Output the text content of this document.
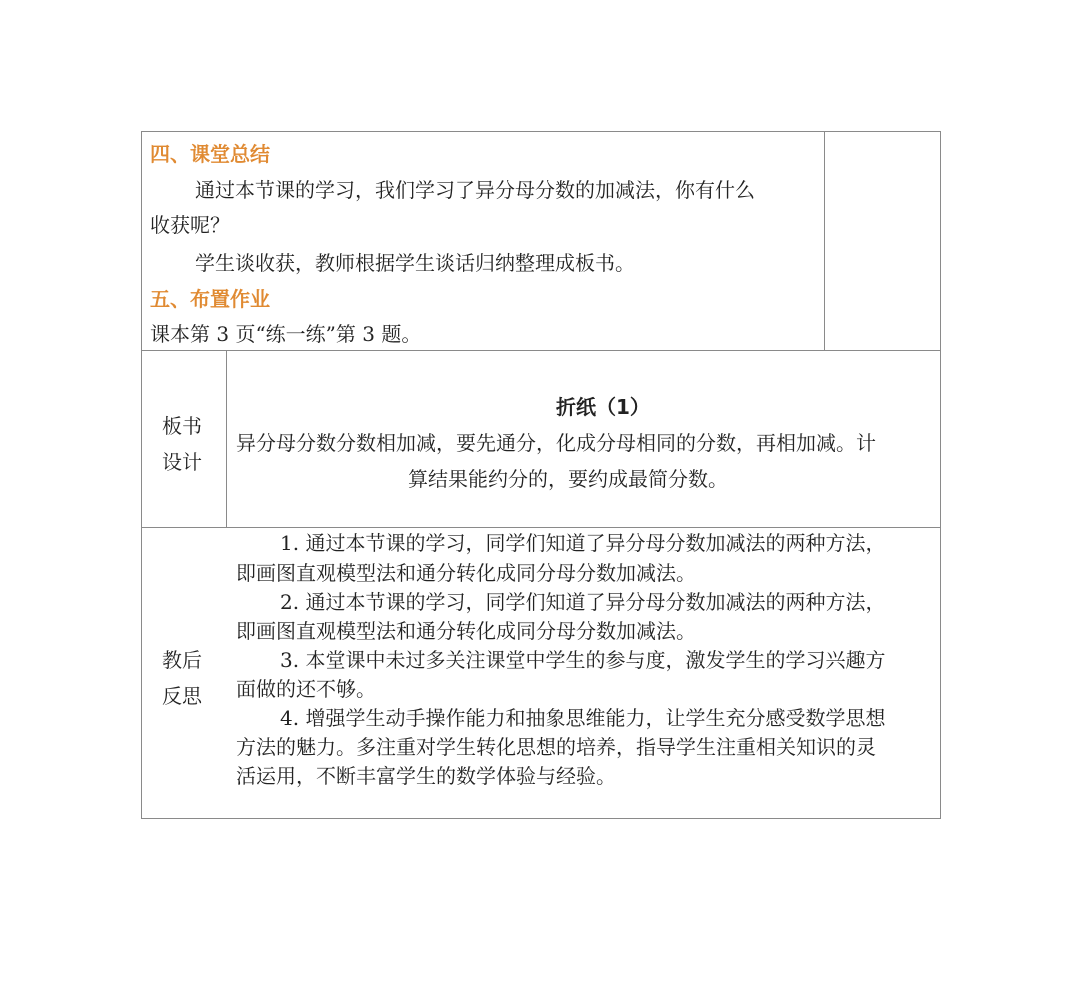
四、课堂总结
通过本节课的学习，我们学习了异分母分数的加减法，你有什么
收获呢？
学生谈收获，教师根据学生谈话归纳整理成板书。
五、布置作业
课本第 3 页“练一练”第 3 题。
板书
设计
折纸（1）
异分母分数分数相加减，要先通分，化成分母相同的分数，再相加减。计
算结果能约分的，要约成最简分数。
教后
反思
1. 通过本节课的学习，同学们知道了异分母分数加减法的两种方法，
即画图直观模型法和通分转化成同分母分数加减法。
2. 通过本节课的学习，同学们知道了异分母分数加减法的两种方法，
即画图直观模型法和通分转化成同分母分数加减法。
3. 本堂课中未过多关注课堂中学生的参与度，激发学生的学习兴趣方
面做的还不够。
4. 增强学生动手操作能力和抽象思维能力，让学生充分感受数学思想
方法的魅力。多注重对学生转化思想的培养，指导学生注重相关知识的灵
活运用，不断丰富学生的数学体验与经验。
